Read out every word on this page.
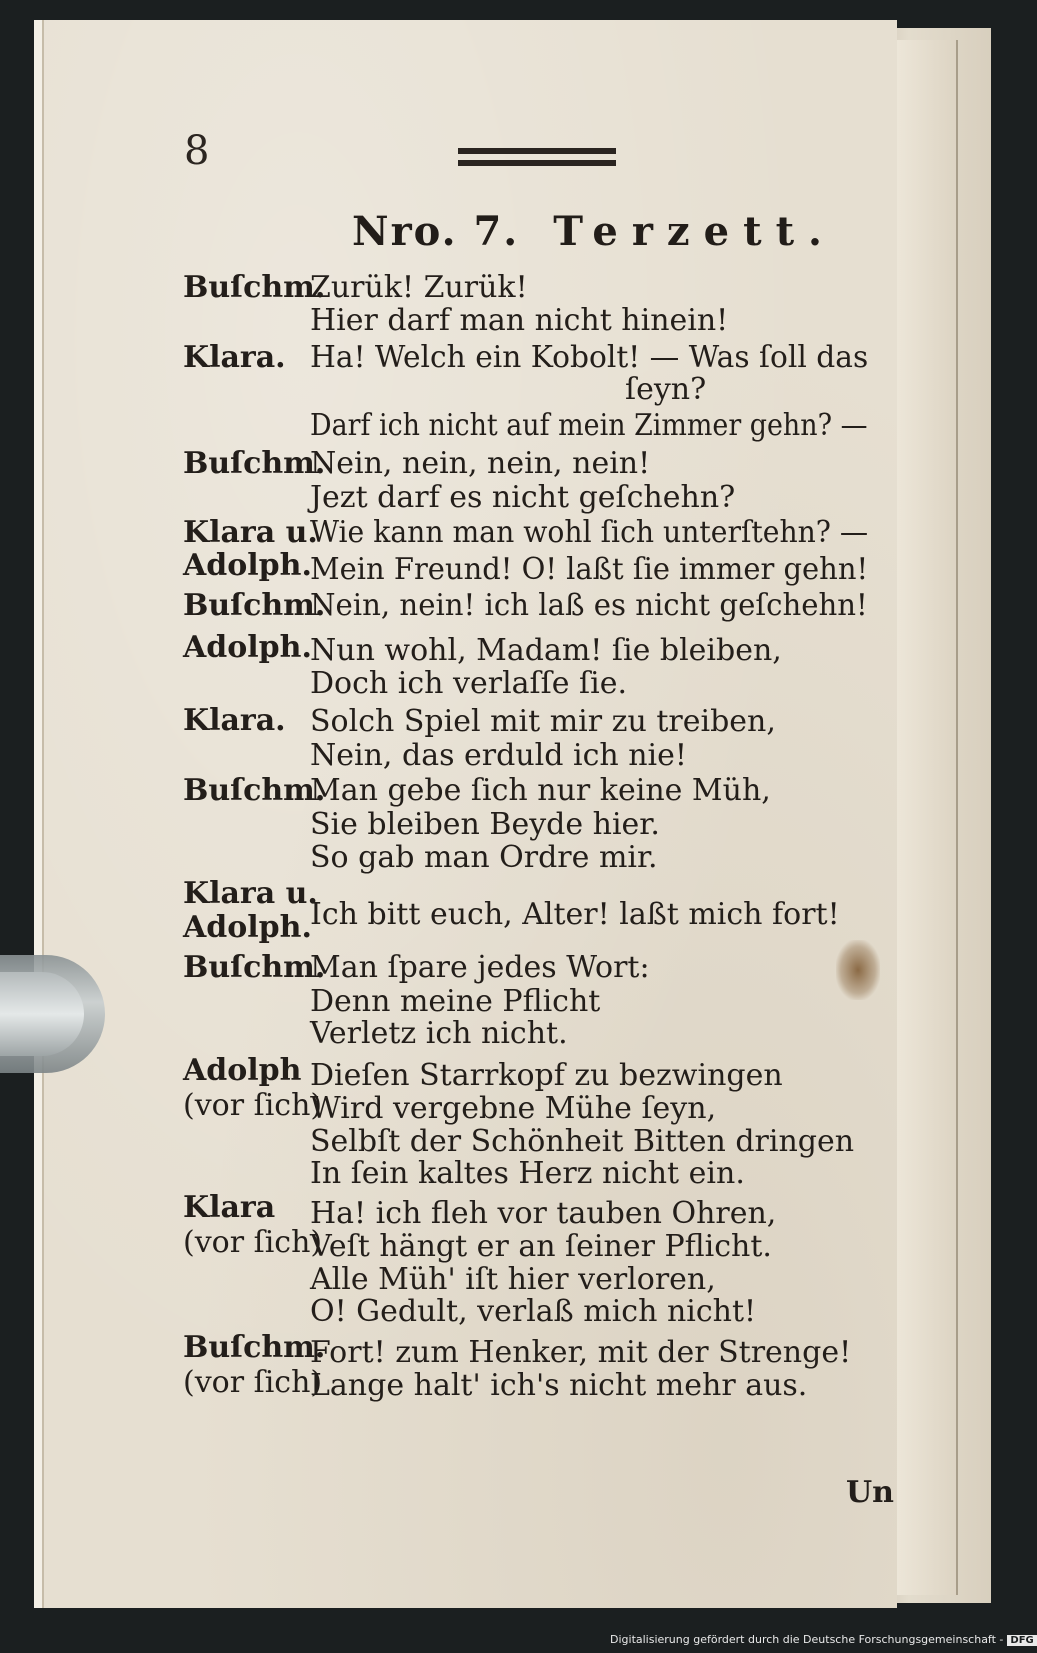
8
Nro. 7. Terzett.
Buſchm.
Klara.
Buſchm.
Klara u.
Adolph.
Buſchm.
Adolph.
Klara.
Buſchm.
Klara u.
Adolph.
Buſchm.
Adolph
(vor ſich)
Klara
(vor ſich)
Buſchm.
(vor ſich)
Zurük! Zurük!
Hier darf man nicht hinein!
Ha! Welch ein Kobolt! — Was ſoll das
ſeyn?
Darf ich nicht auf mein Zimmer gehn? —
Nein, nein, nein, nein!
Jezt darf es nicht geſchehn?
Wie kann man wohl ſich unterſtehn? —
Mein Freund! O! laßt ſie immer gehn!
Nein, nein! ich laß es nicht geſchehn!
Nun wohl, Madam! ſie bleiben,
Doch ich verlaſſe ſie.
Solch Spiel mit mir zu treiben,
Nein, das erduld ich nie!
Man gebe ſich nur keine Müh,
Sie bleiben Beyde hier.
So gab man Ordre mir.
Ich bitt euch, Alter! laßt mich fort!
Man ſpare jedes Wort:
Denn meine Pflicht
Verletz ich nicht.
Dieſen Starrkopf zu bezwingen
Wird vergebne Mühe ſeyn,
Selbſt der Schönheit Bitten dringen
In ſein kaltes Herz nicht ein.
Ha! ich fleh vor tauben Ohren,
Veſt hängt er an ſeiner Pflicht.
Alle Müh' iſt hier verloren,
O! Gedult, verlaß mich nicht!
Fort! zum Henker, mit der Strenge!
Lange halt' ich's nicht mehr aus.
Un
Digitalisierung gefördert durch die Deutsche Forschungsgemeinschaft - DFG
